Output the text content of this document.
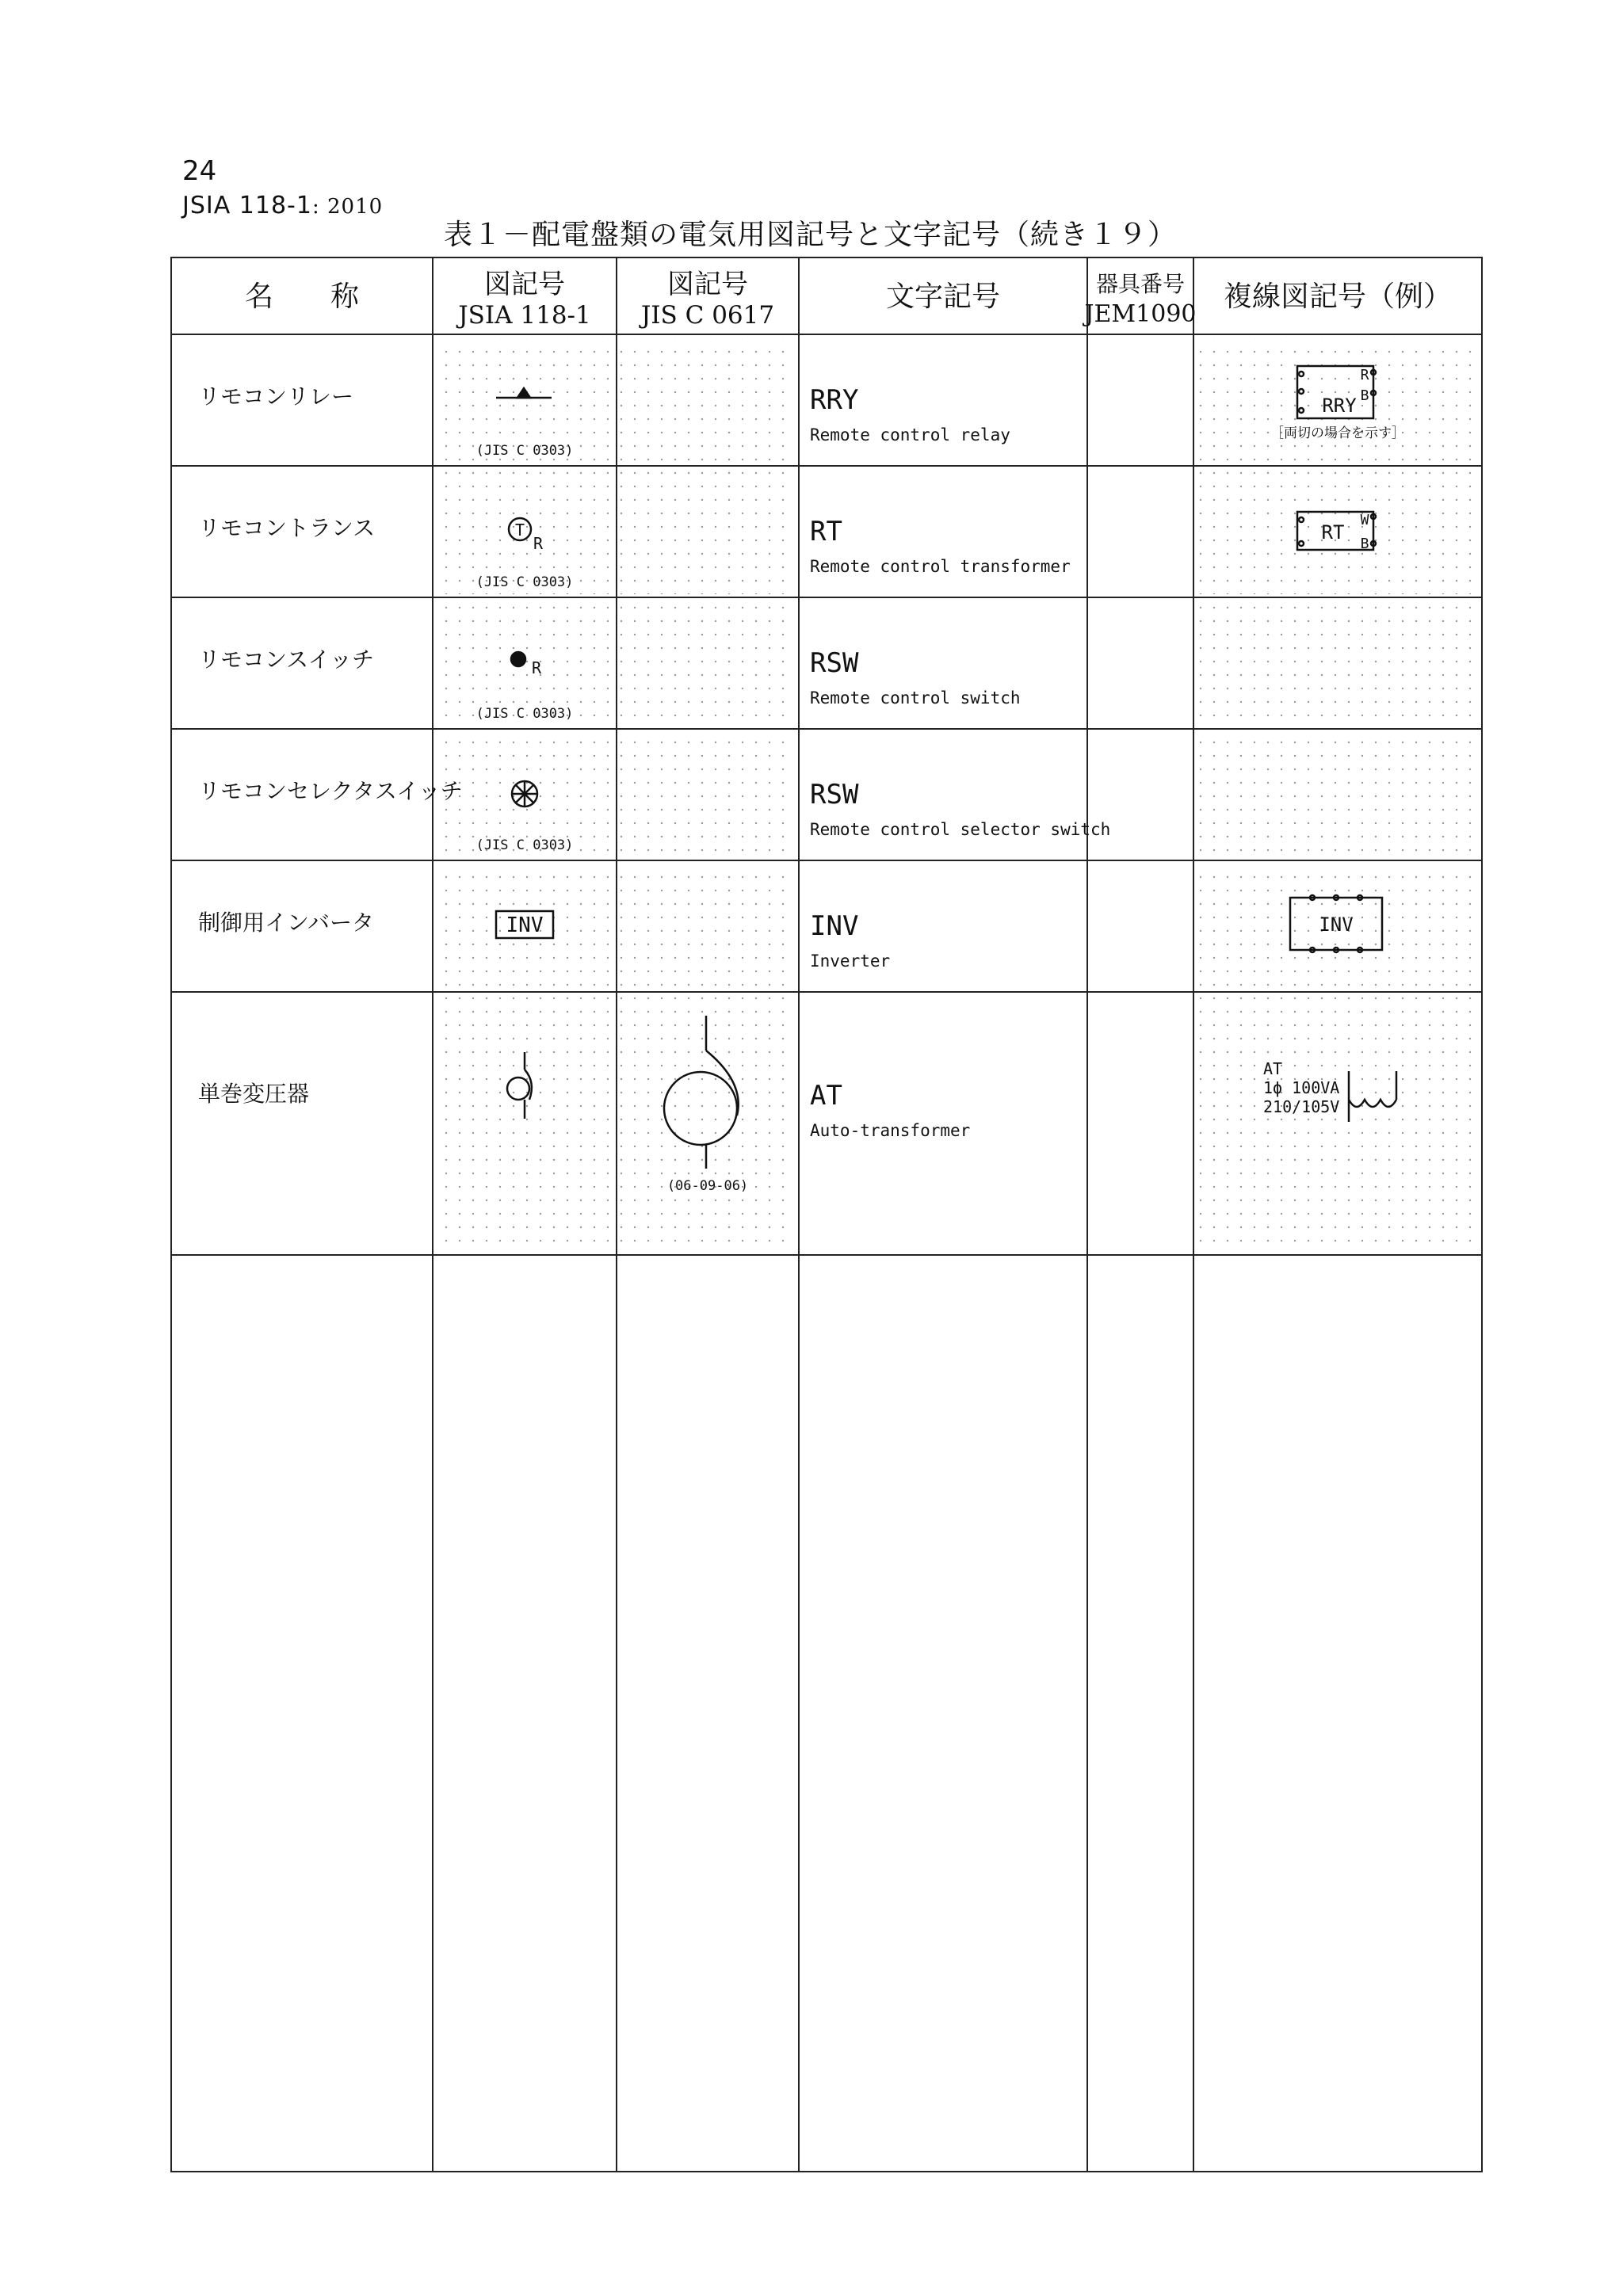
24
JSIA 118-1: 2010
表１－配電盤類の電気用図記号と文字記号（続き１９）
名　　称	図記号
JSIA 118-1
図記号
JIS C 0617
文字記号	器具番号
JEM1090
複線図記号（例）
リモコンリレー
リモコントランス
リモコンスイッチ
リモコンセレクタスイッチ
制御用インバータ
単巻変圧器
RRY
Remote control relay
RT
Remote control transformer
RSW
Remote control switch
RSW
Remote control selector switch
INV
Inverter
AT
Auto-transformer
(JIS C 0303)
T
R
(JIS C 0303)
R
(JIS C 0303)
(JIS C 0303)
INV
(06-09-06)
RRY
R
B
［両切の場合を示す］
RT
W
B
INV
AT
1ϕ 100VA
210/105V
